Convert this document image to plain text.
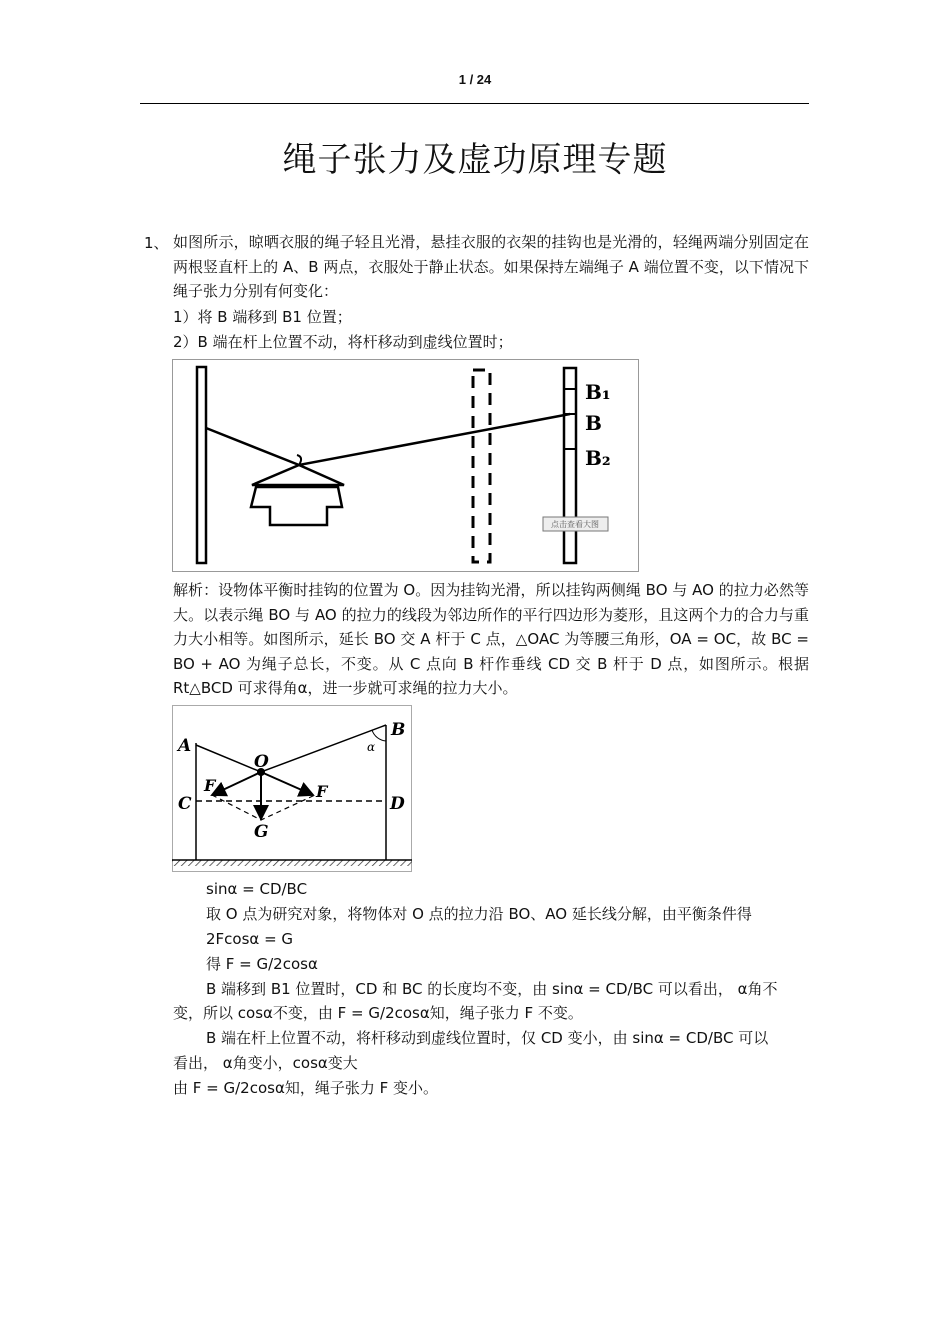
1 / 24
绳子张力及虚功原理专题
1、 如图所示，晾晒衣服的绳子轻且光滑，悬挂衣服的衣架的挂钩也是光滑的，轻绳两端分别固定在两根竖直杆上的 A、B 两点，衣服处于静止状态。如果保持左端绳子 A 端位置不变，以下情况下绳子张力分别有何变化：
1）将 B 端移到 B1 位置；
2）B 端在杆上位置不动，将杆移动到虚线位置时；
B₁
B
B₂
点击查看大图
解析：设物体平衡时挂钩的位置为 O。因为挂钩光滑，所以挂钩两侧绳 BO 与 AO 的拉力必然等大。以表示绳 BO 与 AO 的拉力的线段为邻边所作的平行四边形为菱形，且这两个力的合力与重力大小相等。如图所示，延长 BO 交 A 杆于 C 点，△OAC 为等腰三角形，OA = OC，故 BC = BO + AO 为绳子总长，不变。从 C 点向 B 杆作垂线 CD 交 B 杆于 D 点，如图所示。根据 Rt△BCD 可求得角α，进一步就可求绳的拉力大小。
A
B
α
O
C	D
F	F
G
sinα = CD/BC
取 O 点为研究对象，将物体对 O 点的拉力沿 BO、AO 延长线分解，由平衡条件得
2Fcosα = G
得 F = G/2cosα
B 端移到 B1 位置时，CD 和 BC 的长度均不变，由 sinα = CD/BC 可以看出， α角不
变，所以 cosα不变，由 F = G/2cosα知，绳子张力 F 不变。
B 端在杆上位置不动，将杆移动到虚线位置时，仅 CD 变小，由 sinα = CD/BC 可以
看出， α角变小，cosα变大
由 F = G/2cosα知，绳子张力 F 变小。
